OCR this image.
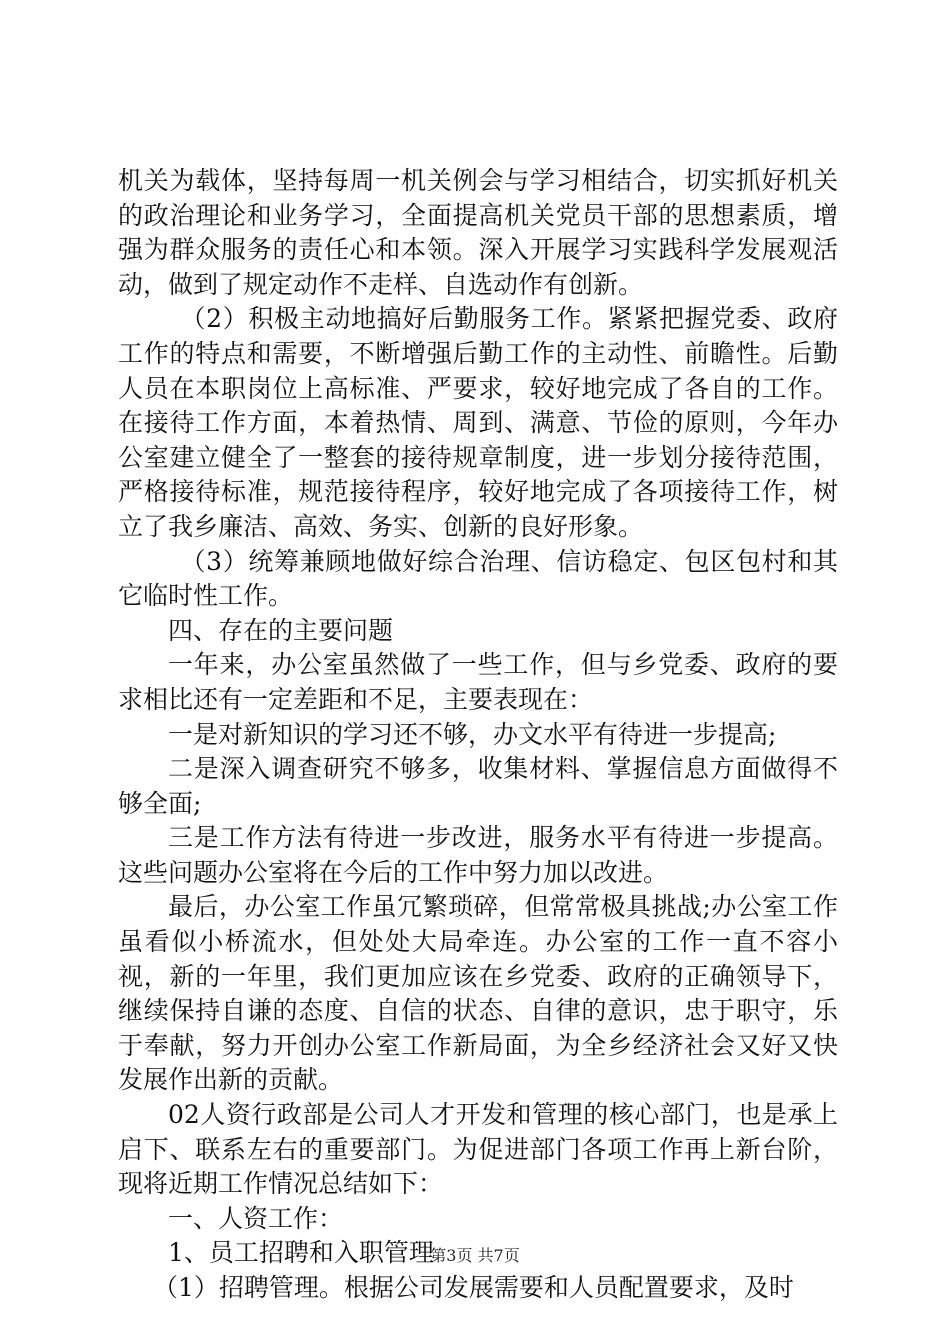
机关为载体，坚持每周一机关例会与学习相结合，切实抓好机关的政治理论和业务学习，全面提高机关党员干部的思想素质，增强为群众服务的责任心和本领。深入开展学习实践科学发展观活动，做到了规定动作不走样、自选动作有创新。

（2）积极主动地搞好后勤服务工作。紧紧把握党委、政府工作的特点和需要，不断增强后勤工作的主动性、前瞻性。后勤人员在本职岗位上高标准、严要求，较好地完成了各自的工作。在接待工作方面，本着热情、周到、满意、节俭的原则，今年办公室建立健全了一整套的接待规章制度，进一步划分接待范围，严格接待标准，规范接待程序，较好地完成了各项接待工作，树立了我乡廉洁、高效、务实、创新的良好形象。

（3）统筹兼顾地做好综合治理、信访稳定、包区包村和其它临时性工作。

四、存在的主要问题

一年来，办公室虽然做了一些工作，但与乡党委、政府的要求相比还有一定差距和不足，主要表现在：

一是对新知识的学习还不够，办文水平有待进一步提高;

二是深入调查研究不够多，收集材料、掌握信息方面做得不够全面;

三是工作方法有待进一步改进，服务水平有待进一步提高。这些问题办公室将在今后的工作中努力加以改进。

最后，办公室工作虽冗繁琐碎，但常常极具挑战;办公室工作虽看似小桥流水，但处处大局牵连。办公室的工作一直不容小视，新的一年里，我们更加应该在乡党委、政府的正确领导下，继续保持自谦的态度、自信的状态、自律的意识，忠于职守，乐于奉献，努力开创办公室工作新局面，为全乡经济社会又好又快发展作出新的贡献。

02人资行政部是公司人才开发和管理的核心部门，也是承上启下、联系左右的重要部门。为促进部门各项工作再上新台阶，现将近期工作情况总结如下：

一、人资工作：

1、员工招聘和入职管理

（1）招聘管理。根据公司发展需要和人员配置要求，及时

第3页 共7页
